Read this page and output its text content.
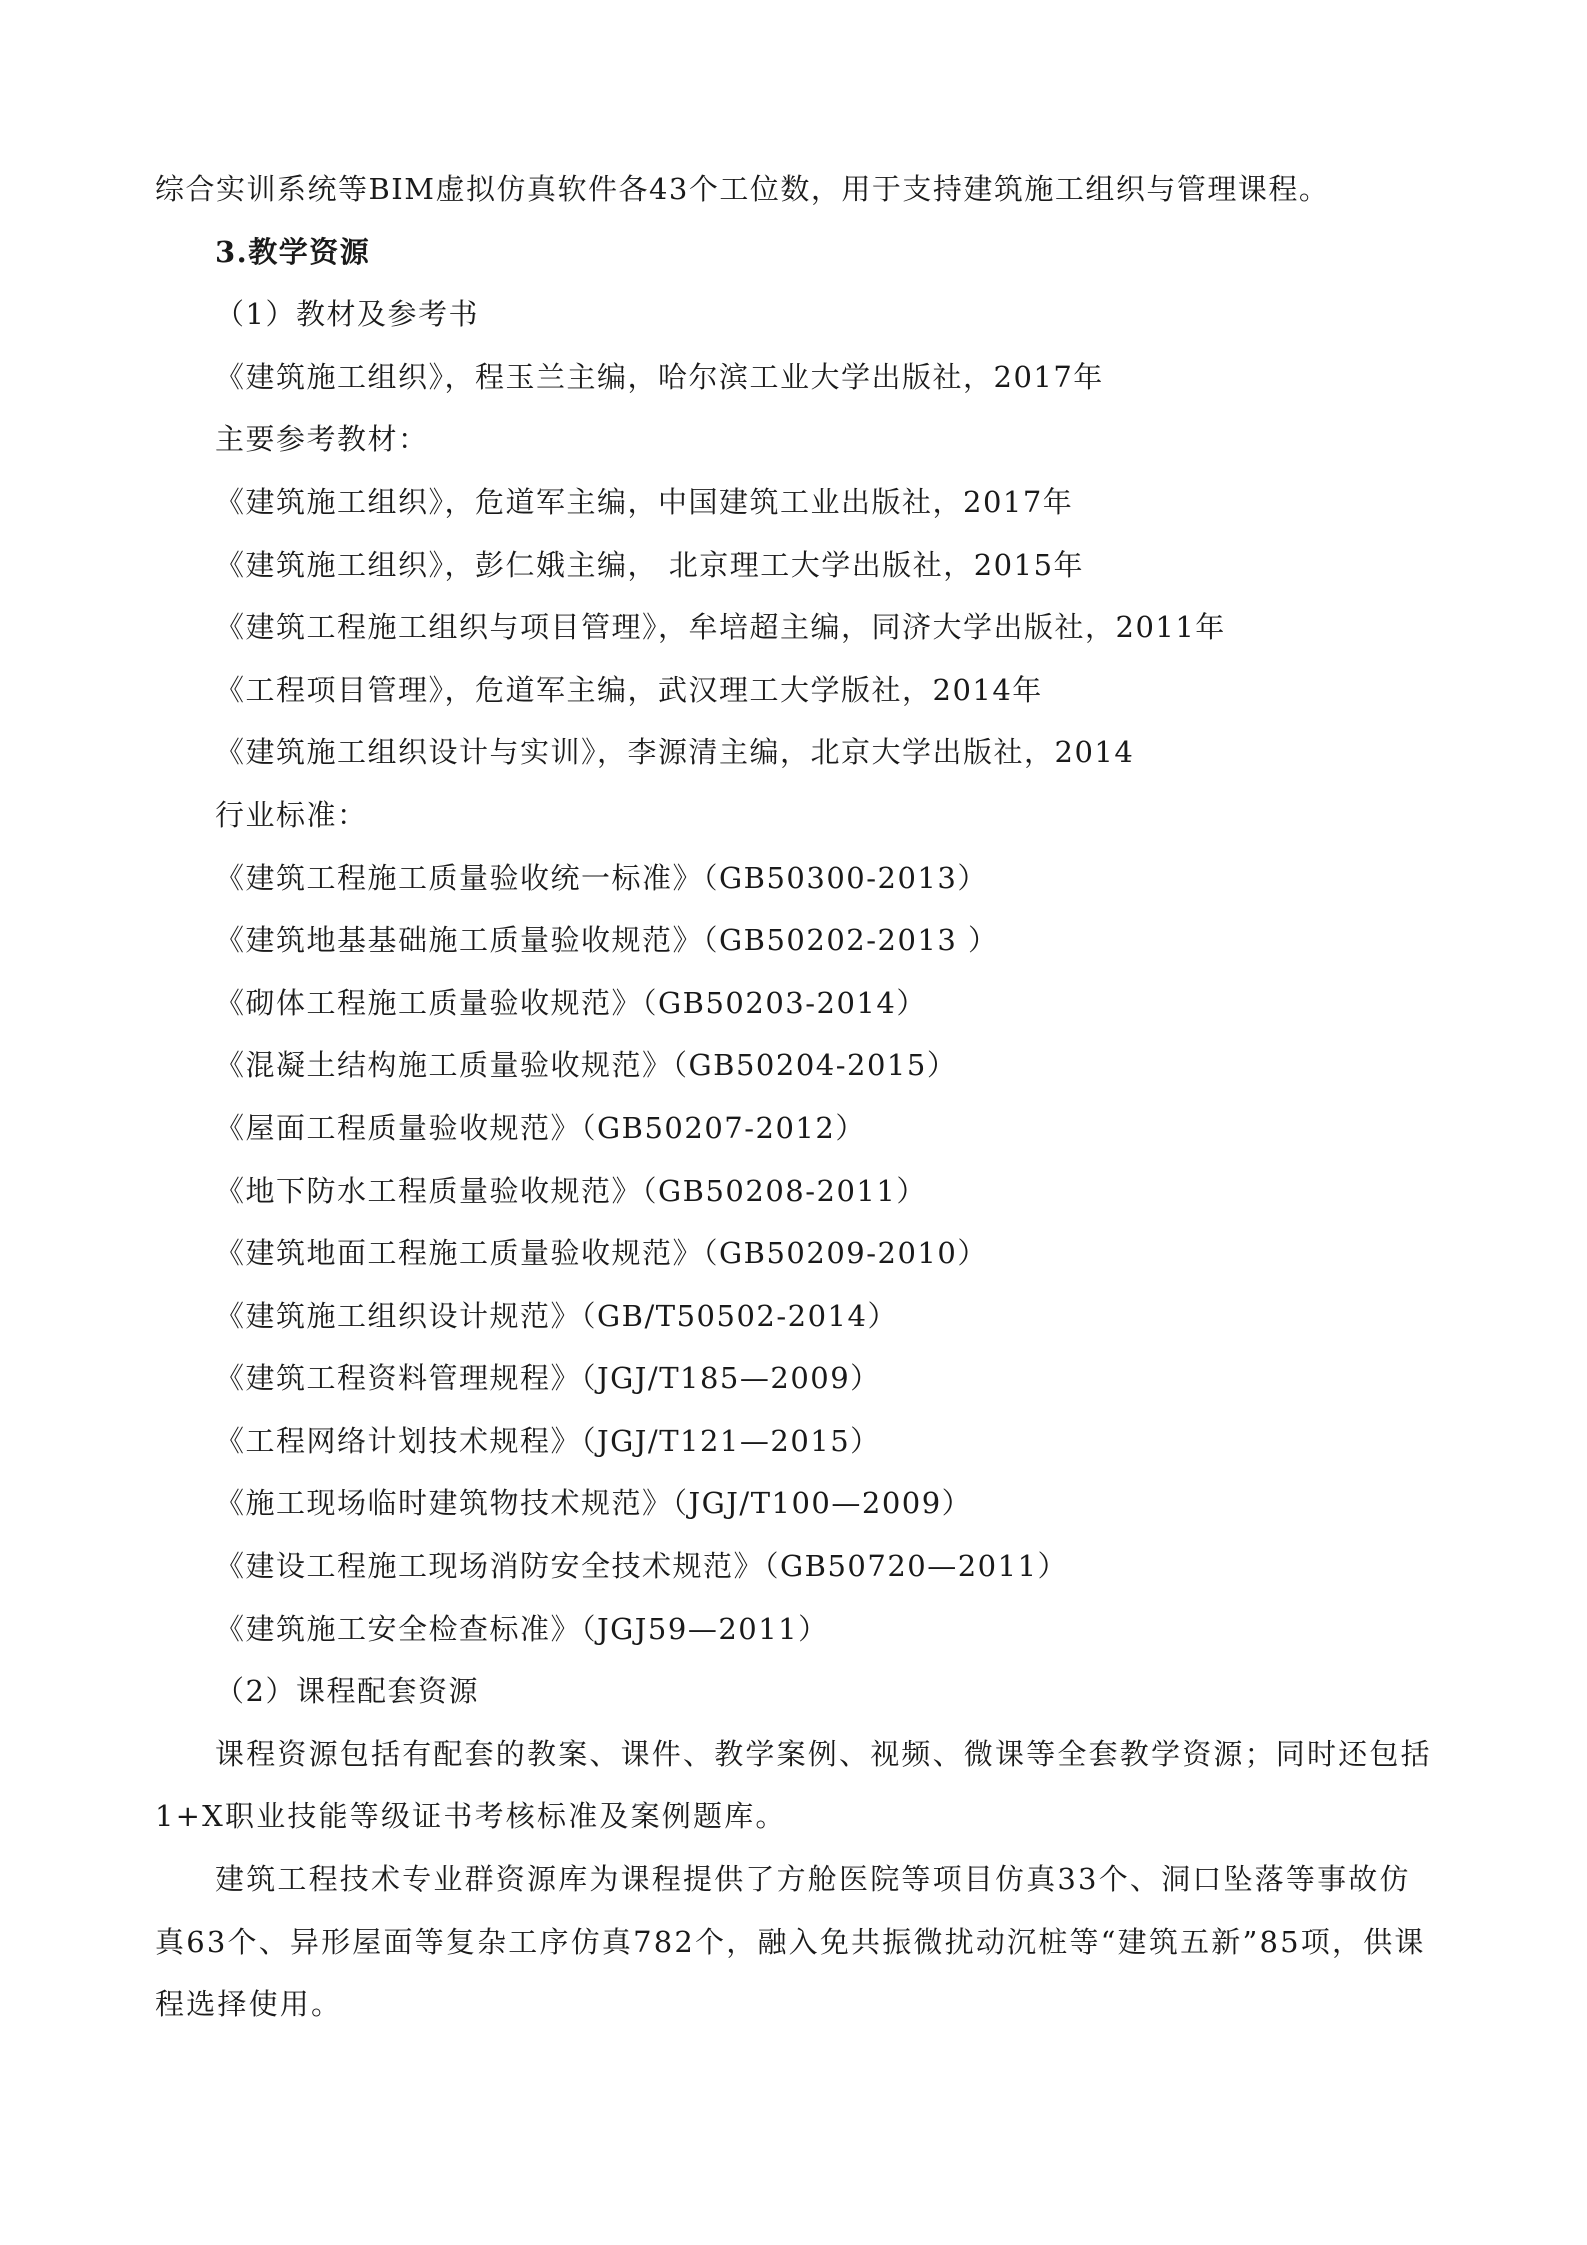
综合实训系统等BIM虚拟仿真软件各43个工位数，用于支持建筑施工组织与管理课程。
3.教学资源
（1）教材及参考书
《建筑施工组织》，程玉兰主编，哈尔滨工业大学出版社，2017年
主要参考教材：
《建筑施工组织》，危道军主编，中国建筑工业出版社，2017年
《建筑施工组织》，彭仁娥主编， 北京理工大学出版社，2015年
《建筑工程施工组织与项目管理》，牟培超主编，同济大学出版社，2011年
《工程项目管理》，危道军主编，武汉理工大学版社，2014年
《建筑施工组织设计与实训》，李源清主编，北京大学出版社，2014
行业标准：
《建筑工程施工质量验收统一标准》（GB50300-2013）
《建筑地基基础施工质量验收规范》（GB50202-2013 ）
《砌体工程施工质量验收规范》（GB50203-2014）
《混凝土结构施工质量验收规范》（GB50204-2015）
《屋面工程质量验收规范》（GB50207-2012）
《地下防水工程质量验收规范》（GB50208-2011）
《建筑地面工程施工质量验收规范》（GB50209-2010）
《建筑施工组织设计规范》（GB/T50502-2014）
《建筑工程资料管理规程》（JGJ/T185—2009）
《工程网络计划技术规程》（JGJ/T121—2015）
《施工现场临时建筑物技术规范》（JGJ/T100—2009）
《建设工程施工现场消防安全技术规范》（GB50720—2011）
《建筑施工安全检查标准》（JGJ59—2011）
（2）课程配套资源

课程资源包括有配套的教案、课件、教学案例、视频、微课等全套教学资源；同时还包括1+X职业技能等级证书考核标准及案例题库。

建筑工程技术专业群资源库为课程提供了方舱医院等项目仿真33个、洞口坠落等事故仿真63个、异形屋面等复杂工序仿真782个，融入免共振微扰动沉桩等“建筑五新”85项，供课程选择使用。
